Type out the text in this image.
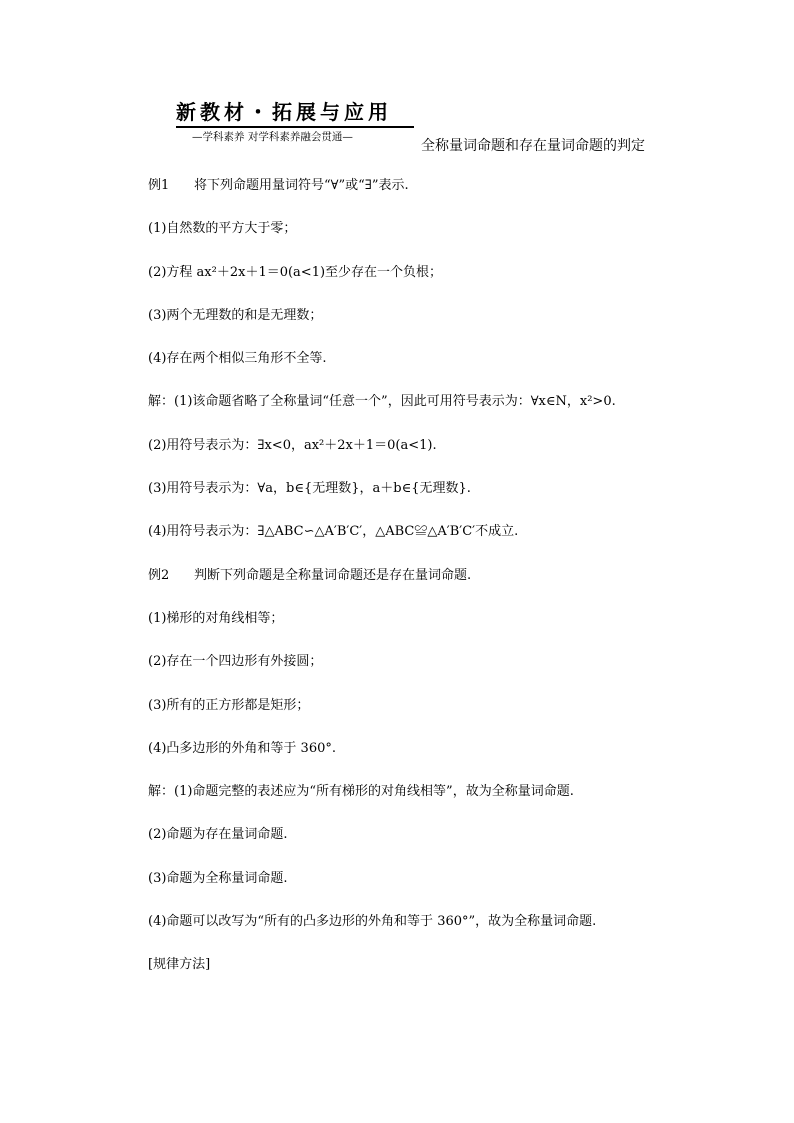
新教材・拓展与应用
—学科素养 对学科素养融会贯通—
全称量词命题和存在量词命题的判定
例1 将下列命题用量词符号“∀”或“∃”表示.
(1)自然数的平方大于零；
(2)方程 ax²＋2x＋1＝0(a<1)至少存在一个负根；
(3)两个无理数的和是无理数；
(4)存在两个相似三角形不全等.
解：(1)该命题省略了全称量词“任意一个”，因此可用符号表示为：∀x∈N，x²>0.
(2)用符号表示为：∃x<0，ax²＋2x＋1＝0(a<1).
(3)用符号表示为：∀a，b∈{无理数}，a＋b∈{无理数}.
(4)用符号表示为：∃△ABC∽△A′B′C′，△ABC≌△A′B′C′不成立.
例2 判断下列命题是全称量词命题还是存在量词命题.
(1)梯形的对角线相等；
(2)存在一个四边形有外接圆；
(3)所有的正方形都是矩形；
(4)凸多边形的外角和等于 360°.
解：(1)命题完整的表述应为“所有梯形的对角线相等”，故为全称量词命题.
(2)命题为存在量词命题.
(3)命题为全称量词命题.
(4)命题可以改写为“所有的凸多边形的外角和等于 360°”，故为全称量词命题.
[规律方法]
